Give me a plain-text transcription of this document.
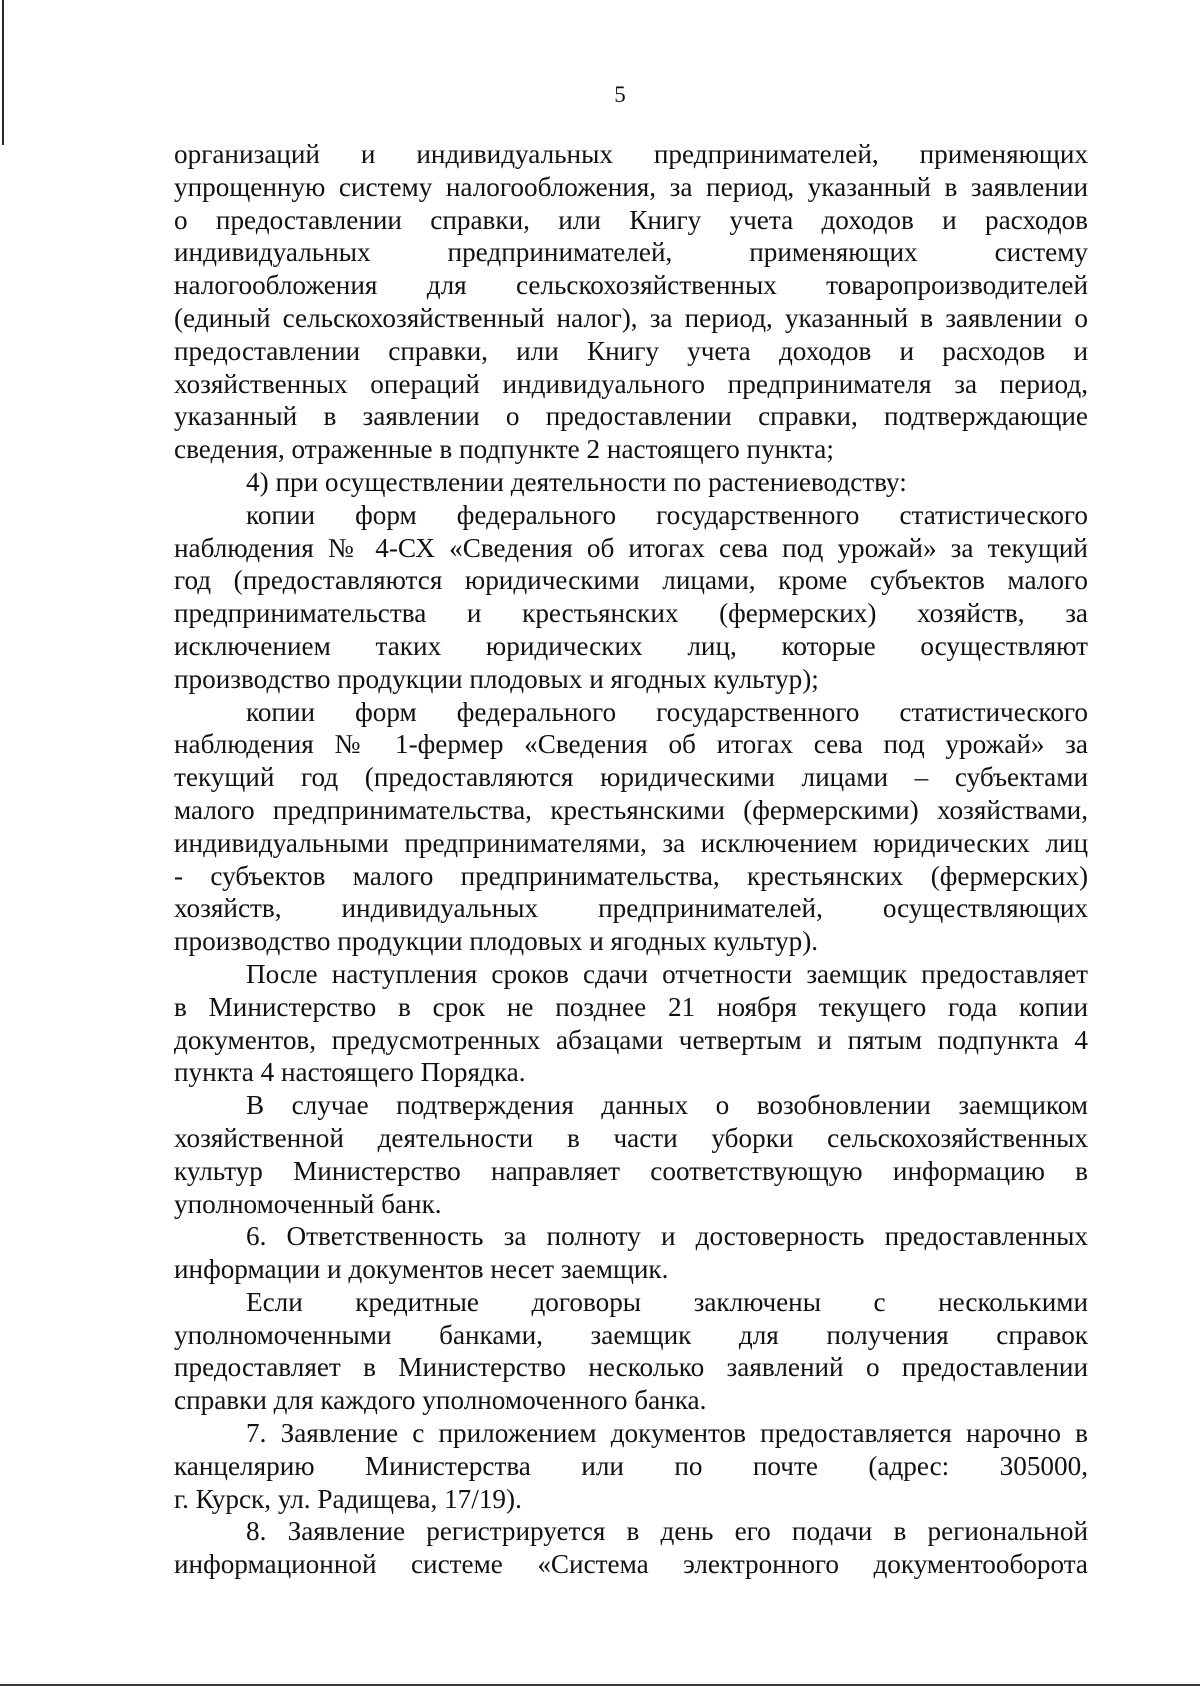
5

организаций и индивидуальных предпринимателей, применяющих
упрощенную систему налогообложения, за период, указанный в заявлении
о предоставлении справки, или Книгу учета доходов и расходов
индивидуальных предпринимателей, применяющих систему
налогообложения для сельскохозяйственных товаропроизводителей
(единый сельскохозяйственный налог), за период, указанный в заявлении о
предоставлении справки, или Книгу учета доходов и расходов и
хозяйственных операций индивидуального предпринимателя за период,
указанный в заявлении о предоставлении справки, подтверждающие
сведения, отраженные в подпункте 2 настоящего пункта;

4) при осуществлении деятельности по растениеводству:

копии форм федерального государственного статистического
наблюдения № 4-СХ «Сведения об итогах сева под урожай» за текущий
год (предоставляются юридическими лицами, кроме субъектов малого
предпринимательства и крестьянских (фермерских) хозяйств, за
исключением таких юридических лиц, которые осуществляют
производство продукции плодовых и ягодных культур);

копии форм федерального государственного статистического
наблюдения № 1-фермер «Сведения об итогах сева под урожай» за
текущий год (предоставляются юридическими лицами – субъектами
малого предпринимательства, крестьянскими (фермерскими) хозяйствами,
индивидуальными предпринимателями, за исключением юридических лиц
- субъектов малого предпринимательства, крестьянских (фермерских)
хозяйств, индивидуальных предпринимателей, осуществляющих
производство продукции плодовых и ягодных культур).

После наступления сроков сдачи отчетности заемщик предоставляет
в Министерство в срок не позднее 21 ноября текущего года копии
документов, предусмотренных абзацами четвертым и пятым подпункта 4
пункта 4 настоящего Порядка.

В случае подтверждения данных о возобновлении заемщиком
хозяйственной деятельности в части уборки сельскохозяйственных
культур Министерство направляет соответствующую информацию в
уполномоченный банк.

6. Ответственность за полноту и достоверность предоставленных
информации и документов несет заемщик.

Если кредитные договоры заключены с несколькими
уполномоченными банками, заемщик для получения справок
предоставляет в Министерство несколько заявлений о предоставлении
справки для каждого уполномоченного банка.

7. Заявление с приложением документов предоставляется нарочно в
канцелярию Министерства или по почте (адрес: 305000,
г. Курск, ул. Радищева, 17/19).

8. Заявление регистрируется в день его подачи в региональной
информационной системе «Система электронного документооборота
